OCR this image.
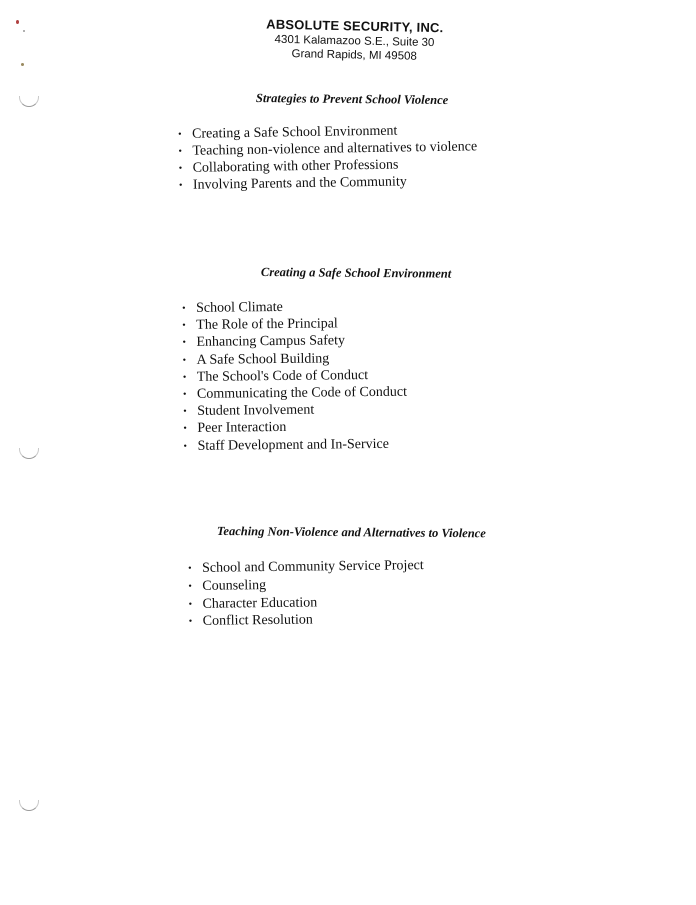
ABSOLUTE SECURITY, INC.
4301 Kalamazoo S.E., Suite 30
Grand Rapids, MI 49508
Strategies to Prevent School Violence
• Creating a Safe School Environment
• Teaching non-violence and alternatives to violence
• Collaborating with other Professions
• Involving Parents and the Community
Creating a Safe School Environment
• School Climate
• The Role of the Principal
• Enhancing Campus Safety
• A Safe School Building
• The School's Code of Conduct
• Communicating the Code of Conduct
• Student Involvement
• Peer Interaction
• Staff Development and In-Service
Teaching Non-Violence and Alternatives to Violence
• School and Community Service Project
• Counseling
• Character Education
• Conflict Resolution
